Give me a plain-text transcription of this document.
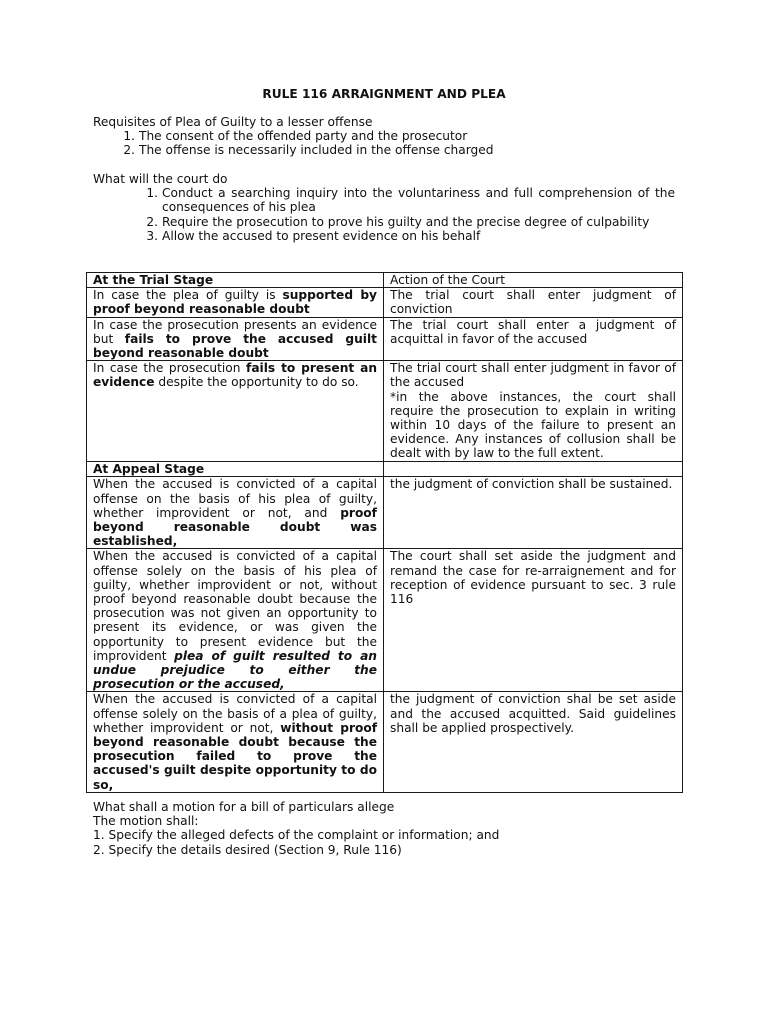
RULE 116 ARRAIGNMENT AND PLEA

Requisites of Plea of Guilty to a lesser offense

1. The consent of the offended party and the prosecutor
2. The offense is necessarily included in the offense charged

What will the court do

1. Conduct a searching inquiry into the voluntariness and full comprehension of the consequences of his plea
2. Require the prosecution to prove his guilty and the precise degree of culpability
3. Allow the accused to present evidence on his behalf
At the Trial Stage	Action of the Court
In case the plea of guilty is supported by proof beyond reasonable doubt	The trial court shall enter judgment of conviction
In case the prosecution presents an evidence but fails to prove the accused guilt beyond reasonable doubt	The trial court shall enter a judgment of acquittal in favor of the accused
In case the prosecution fails to present an evidence despite the opportunity to do so.	The trial court shall enter judgment in favor of the accused
*in the above instances, the court shall require the prosecution to explain in writing within 10 days of the failure to present an evidence. Any instances of collusion shall be dealt with by law to the full extent.

At Appeal Stage	
When the accused is convicted of a capital offense on the basis of his plea of guilty, whether improvident or not, and proof beyond reasonable doubt was established,	the judgment of conviction shall be sustained.
When the accused is convicted of a capital offense solely on the basis of his plea of guilty, whether improvident or not, without proof beyond reasonable doubt because the prosecution was not given an opportunity to present its evidence, or was given the opportunity to present evidence but the improvident plea of guilt resulted to an undue prejudice to either the prosecution or the accused,	The court shall set aside the judgment and remand the case for re-arraignement and for reception of evidence pursuant to sec. 3 rule 116
When the accused is convicted of a capital offense solely on the basis of a plea of guilty, whether improvident or not, without proof beyond reasonable doubt because the prosecution failed to prove the accused's guilt despite opportunity to do so,	the judgment of conviction shal be set aside and the accused acquitted. Said guidelines shall be applied prospectively.

What shall a motion for a bill of particulars allege

The motion shall:

1. Specify the alleged defects of the complaint or information; and

2. Specify the details desired (Section 9, Rule 116)
